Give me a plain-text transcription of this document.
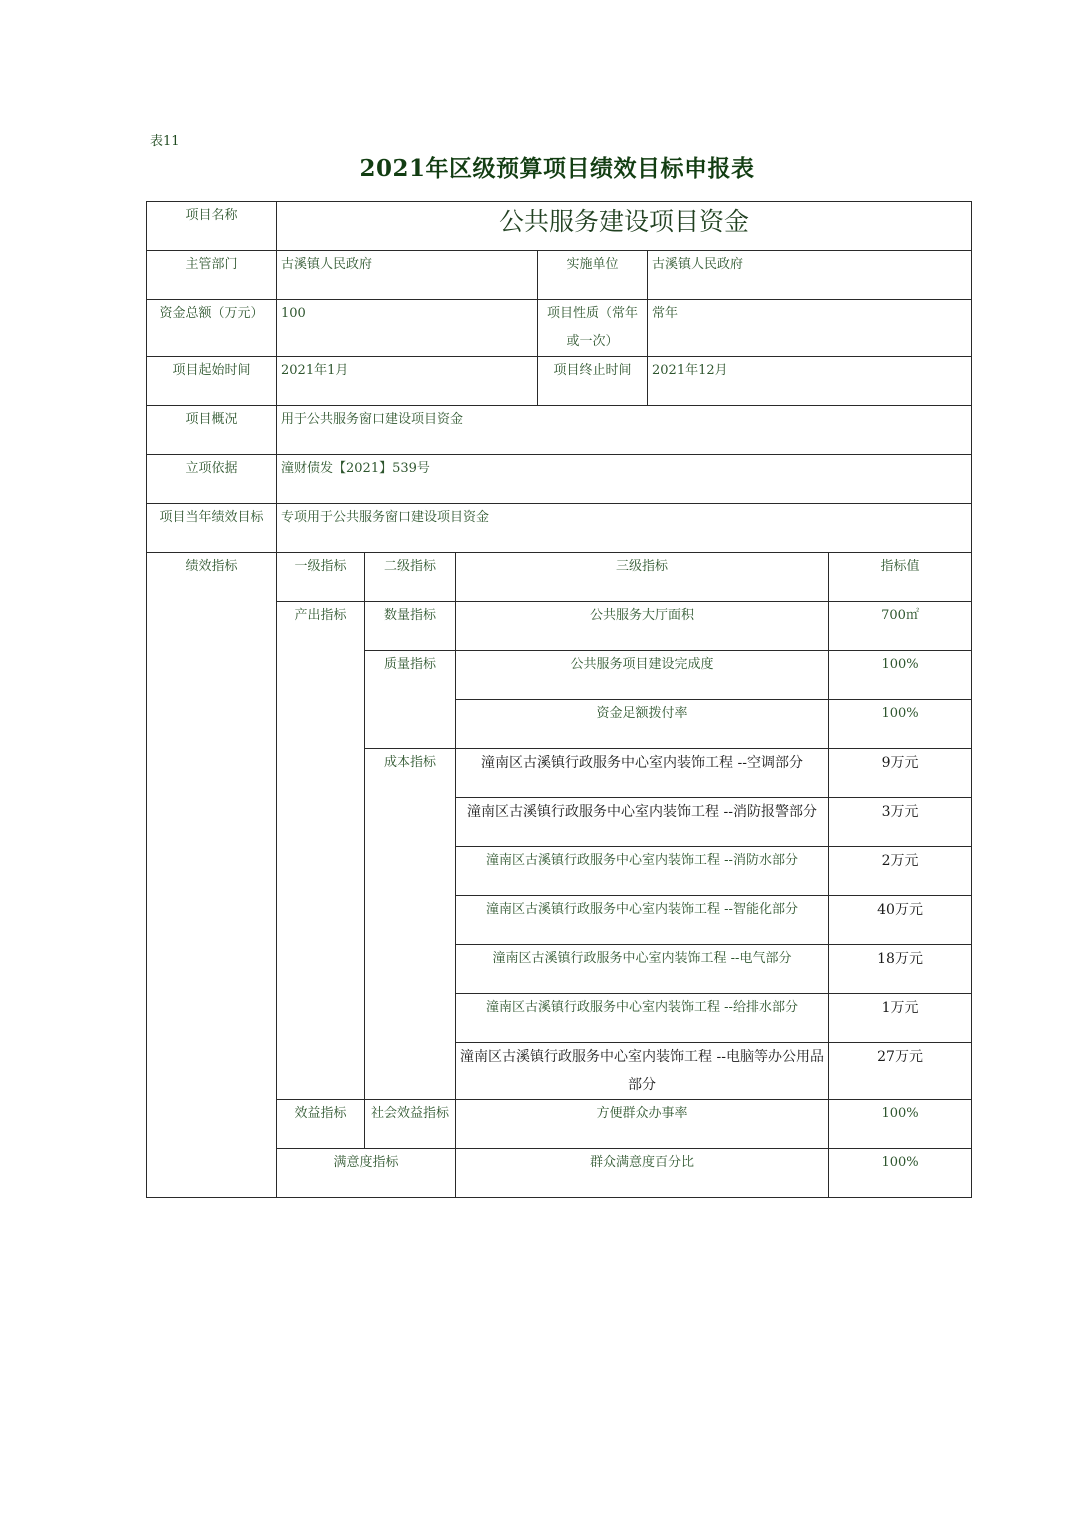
表11
2021年区级预算项目绩效目标申报表
项目名称	公共服务建设项目资金					
主管部门	古溪镇人民政府			实施单位	古溪镇人民政府	
资金总额（万元）	100			项目性质（常年或一次）	常年	
项目起始时间	2021年1月			项目终止时间	2021年12月	
项目概况	用于公共服务窗口建设项目资金					
立项依据	潼财债发【2021】539号					
项目当年绩效目标	专项用于公共服务窗口建设项目资金					
绩效指标	一级指标	二级指标	三级指标			指标值
	产出指标	数量指标	公共服务大厅面积			700㎡
		质量指标	公共服务项目建设完成度			100%
			资金足额拨付率			100%
		成本指标	潼南区古溪镇行政服务中心室内装饰工程 --空调部分			9万元
			潼南区古溪镇行政服务中心室内装饰工程 --消防报警部分			3万元
			潼南区古溪镇行政服务中心室内装饰工程 --消防水部分			2万元
			潼南区古溪镇行政服务中心室内装饰工程 --智能化部分			40万元
			潼南区古溪镇行政服务中心室内装饰工程 --电气部分			18万元
			潼南区古溪镇行政服务中心室内装饰工程 --给排水部分			1万元
			潼南区古溪镇行政服务中心室内装饰工程 --电脑等办公用品部分			27万元
	效益指标	社会效益指标	方便群众办事率			100%
	满意度指标		群众满意度百分比			100%
